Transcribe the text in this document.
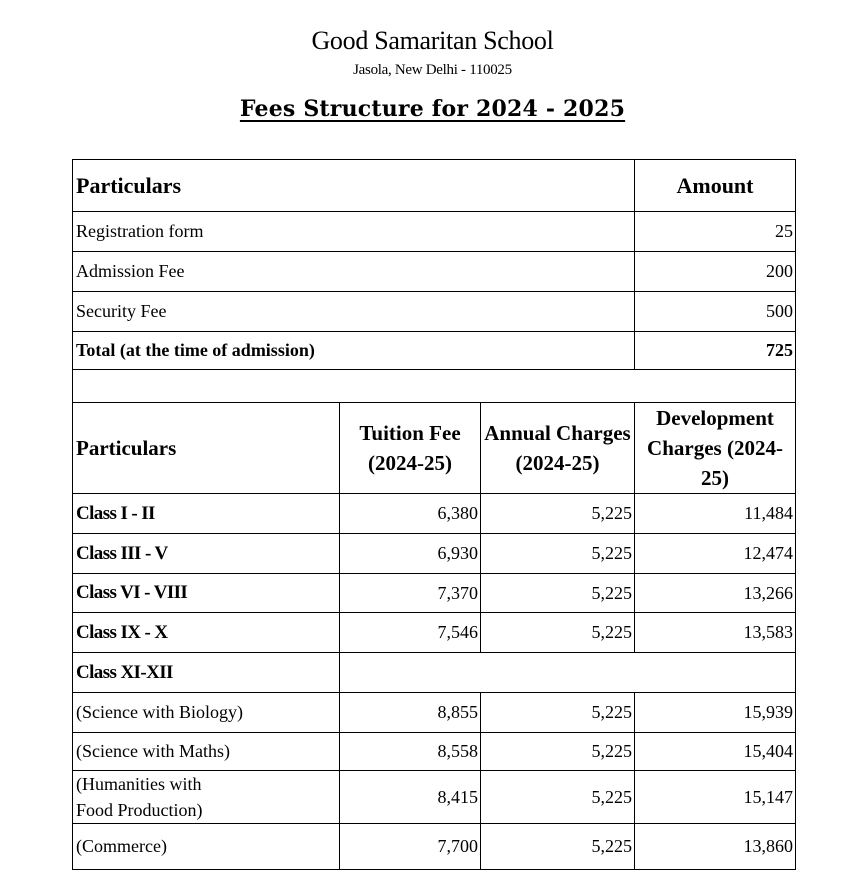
Good Samaritan School
Jasola, New Delhi - 110025
Fees Structure for 2024 - 2025
Particulars	Amount
Registration form	25
Admission Fee	200
Security Fee	500
Total (at the time of admission)	725

Particulars	Tuition Fee (2024-25)	Annual Charges (2024-25)	Development Charges (2024-25)
Class I - II	6,380	5,225	11,484
Class III - V	6,930	5,225	12,474
Class VI - VIII	7,370	5,225	13,266
Class IX - X	7,546	5,225	13,583
Class XI-XII			
(Science with Biology)	8,855	5,225	15,939
(Science with Maths)	8,558	5,225	15,404
(Humanities with Food Production)	8,415	5,225	15,147
(Commerce)	7,700	5,225	13,860
